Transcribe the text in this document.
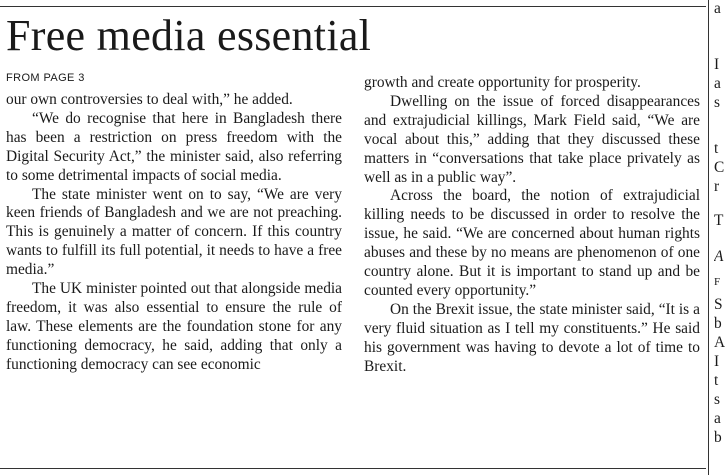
Free media essential
FROM PAGE 3

our own controversies to deal with,” he added.

“We do recognise that here in Bangladesh there has been a restriction on press freedom with the Digital Security Act,” the minister said, also referring to some detrimental impacts of social media.

The state minister went on to say, “We are very keen friends of Bangladesh and we are not preaching. This is genuinely a matter of concern. If this country wants to fulfill its full potential, it needs to have a free media.”

The UK minister pointed out that alongside media freedom, it was also essential to ensure the rule of law. These elements are the foundation stone for any functioning democracy, he said, adding that only a functioning democracy can see economic

growth and create opportunity for prosperity.

Dwelling on the issue of forced disappearances and extrajudicial killings, Mark Field said, “We are vocal about this,” adding that they discussed these matters in “conversations that take place privately as well as in a public way”.

Across the board, the notion of extrajudicial killing needs to be discussed in order to resolve the issue, he said. “We are concerned about human rights abuses and these by no means are phenomenon of one country alone. But it is important to stand up and be counted every opportunity.”

On the Brexit issue, the state minister said, “It is a very fluid situation as I tell my constituents.” He said his government was having to devote a lot of time to Brexit.

a
I
a
s
t
C
r
T
A
F
S
b
A
I
t
s
a
b
